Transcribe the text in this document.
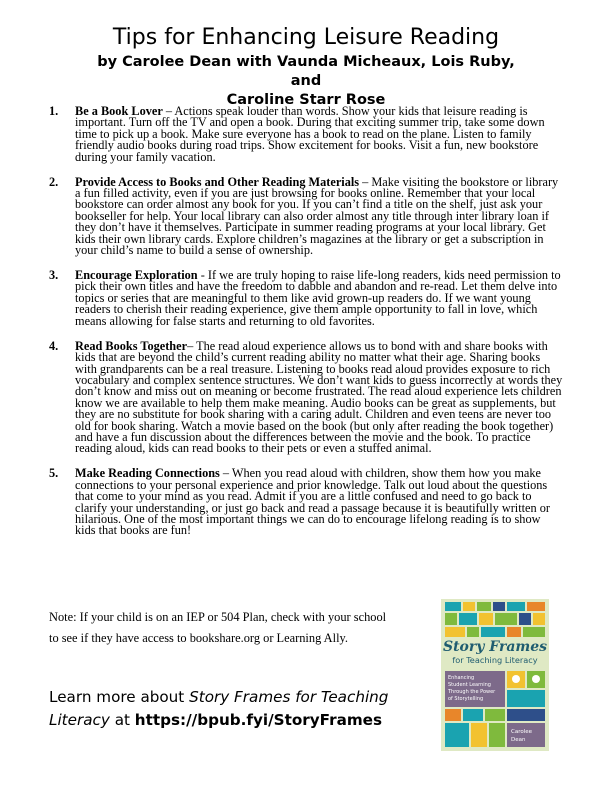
Tips for Enhancing Leisure Reading
by Carolee Dean with Vaunda Micheaux, Lois Ruby, and
Caroline Starr Rose
1. Be a Book Lover – Actions speak louder than words. Show your kids that leisure reading is important. Turn off the TV and open a book. During that exciting summer trip, take some down time to pick up a book. Make sure everyone has a book to read on the plane. Listen to family friendly audio books during road trips. Show excitement for books. Visit a fun, new bookstore during your family vacation.
2. Provide Access to Books and Other Reading Materials – Make visiting the bookstore or library a fun filled activity, even if you are just browsing for books online. Remember that your local bookstore can order almost any book for you. If you can’t find a title on the shelf, just ask your bookseller for help. Your local library can also order almost any title through inter library loan if they don’t have it themselves. Participate in summer reading programs at your local library. Get kids their own library cards. Explore children’s magazines at the library or get a subscription in your child’s name to build a sense of ownership.
3. Encourage Exploration - If we are truly hoping to raise life-long readers, kids need permission to pick their own titles and have the freedom to dabble and abandon and re-read. Let them delve into topics or series that are meaningful to them like avid grown-up readers do. If we want young readers to cherish their reading experience, give them ample opportunity to fall in love, which means allowing for false starts and returning to old favorites.
4. Read Books Together– The read aloud experience allows us to bond with and share books with kids that are beyond the child’s current reading ability no matter what their age. Sharing books with grandparents can be a real treasure. Listening to books read aloud provides exposure to rich vocabulary and complex sentence structures. We don’t want kids to guess incorrectly at words they don’t know and miss out on meaning or become frustrated. The read aloud experience lets children know we are available to help them make meaning. Audio books can be great as supplements, but they are no substitute for book sharing with a caring adult. Children and even teens are never too old for book sharing. Watch a movie based on the book (but only after reading the book together) and have a fun discussion about the differences between the movie and the book. To practice reading aloud, kids can read books to their pets or even a stuffed animal.
5. Make Reading Connections – When you read aloud with children, show them how you make connections to your personal experience and prior knowledge. Talk out loud about the questions that come to your mind as you read. Admit if you are a little confused and need to go back to clarify your understanding, or just go back and read a passage because it is beautifully written or hilarious. One of the most important things we can do to encourage lifelong reading is to show kids that books are fun!
Note: If your child is on an IEP or 504 Plan, check with your school to see if they have access to bookshare.org or Learning Ally.
Learn more about Story Frames for Teaching Literacy at https://bpub.fyi/StoryFrames
Story Frames
for Teaching Literacy
Enhancing
Student Learning
Through the Power
of Storytelling
Carolee
Dean
